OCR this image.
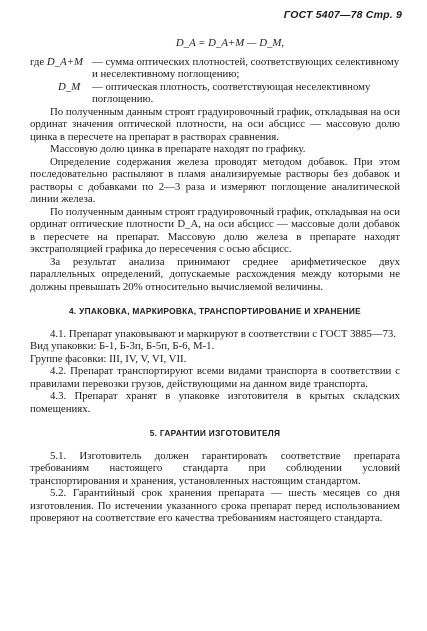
ГОСТ 5407—78 Стр. 9
D_A = D_A+M — D_M,
где D_A+M — сумма оптических плотностей, соответствующих селективному и неселективному поглощению;
D_M — оптическая плотность, соответствующая неселективному поглощению.

По полученным данным строят градуировочный график, откладывая на оси ординат значения оптической плотности, на оси абсцисс — массовую долю цинка в пересчете на препарат в растворах сравнения.

Массовую долю цинка в препарате находят по графику.

Определение содержания железа проводят методом добавок. При этом последовательно распыляют в пламя анализируемые растворы без добавок и растворы с добавками по 2—3 раза и измеряют поглощение аналитической линии железа.

По полученным данным строят градуировочный график, откладывая на оси ординат оптические плотности D_A, на оси абсцисс — массовые доли добавок в пересчете на препарат. Массовую долю железа в препарате находят экстраполяцией графика до пересечения с осью абсцисс.

За результат анализа принимают среднее арифметическое двух параллельных определений, допускаемые расхождения между которыми не должны превышать 20% относительно вычисляемой величины.

4. УПАКОВКА, МАРКИРОВКА, ТРАНСПОРТИРОВАНИЕ И ХРАНЕНИЕ

4.1. Препарат упаковывают и маркируют в соответствии с ГОСТ 3885—73.

Вид упаковки: Б-1, Б-3п, Б-5п, Б-6, М-1.

Группе фасовки: III, IV, V, VI, VII.

4.2. Препарат транспортируют всеми видами транспорта в соответствии с правилами перевозки грузов, действующими на данном виде транспорта.

4.3. Препарат хранят в упаковке изготовителя в крытых складских помещениях.

5. ГАРАНТИИ ИЗГОТОВИТЕЛЯ

5.1. Изготовитель должен гарантировать соответствие препарата требованиям настоящего стандарта при соблюдении условий транспортирования и хранения, установленных настоящим стандартом.

5.2. Гарантийный срок хранения препарата — шесть месяцев со дня изготовления. По истечении указанного срока препарат перед использованием проверяют на соответствие его качества требованиям настоящего стандарта.
